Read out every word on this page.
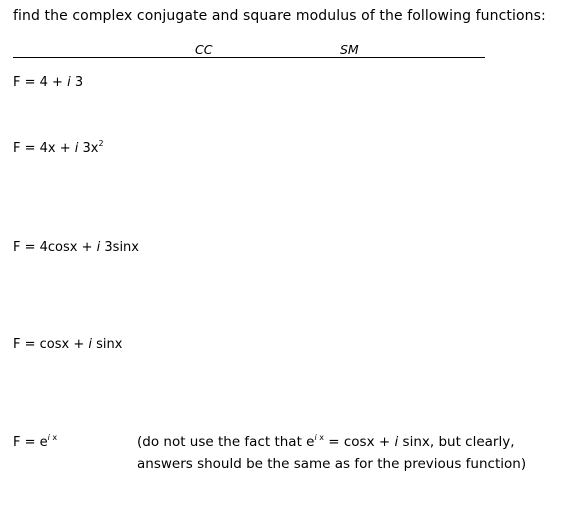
find the complex conjugate and square modulus of the following functions:
CC	SM
F = 4 + i 3
F = 4x + i $3x^2$
F = 4cosx + i 3sinx
F = cosx + i sinx
$F = e^{i x}$	(do not use the fact that $e^{i x} = \cos x + i$ sinx, but clearly,
answers should be the same as for the previous function)
